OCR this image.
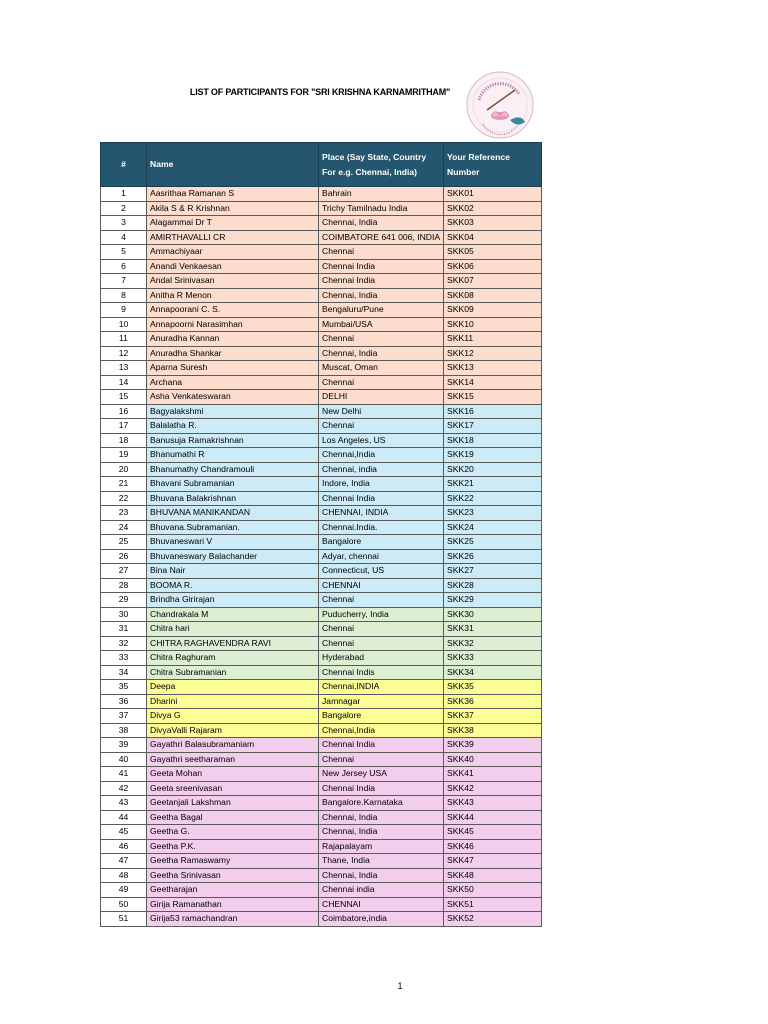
LIST OF PARTICIPANTS FOR "SRI KRISHNA KARNAMRITHAM"
#	Name	Place (Say State, Country For e.g. Chennai, India)	Your Reference Number
1	Aasrithaa Ramanan S	Bahrain	SKK01
2	Akila S & R Krishnan	Trichy Tamilnadu India	SKK02
3	Alagammai Dr T	Chennai, India	SKK03
4	AMIRTHAVALLI CR	COIMBATORE 641 006, INDIA	SKK04
5	Ammachiyaar	Chennai	SKK05
6	Anandi Venkaesan	Chennai India	SKK06
7	Andal Srinivasan	Chennai India	SKK07
8	Anitha R Menon	Chennai, India	SKK08
9	Annapoorani C. S.	Bengaluru/Pune	SKK09
10	Annapoorni Narasimhan	Mumbai/USA	SKK10
11	Anuradha Kannan	Chennai	SKK11
12	Anuradha Shankar	Chennai, India	SKK12
13	Aparna Suresh	Muscat, Oman	SKK13
14	Archana	Chennai	SKK14
15	Asha Venkateswaran	DELHI	SKK15
16	Bagyalakshmi	New Delhi	SKK16
17	Balalatha R.	Chennai	SKK17
18	Banusuja Ramakrishnan	Los Angeles, US	SKK18
19	Bhanumathi R	Chennai,India	SKK19
20	Bhanumathy Chandramouli	Chennai, india	SKK20
21	Bhavani Subramanian	Indore, India	SKK21
22	Bhuvana Balakrishnan	Chennai India	SKK22
23	BHUVANA MANIKANDAN	CHENNAI, INDIA	SKK23
24	Bhuvana.Subramanian.	Chennai.India.	SKK24
25	Bhuvaneswari V	Bangalore	SKK25
26	Bhuvaneswary Balachander	Adyar, chennai	SKK26
27	Bina Nair	Connecticut, US	SKK27
28	BOOMA R.	CHENNAI	SKK28
29	Brindha Girirajan	Chennai	SKK29
30	Chandrakala M	Puducherry, India	SKK30
31	Chitra hari	Chennai	SKK31
32	CHITRA RAGHAVENDRA RAVI	Chennai	SKK32
33	Chitra Raghuram	Hyderabad	SKK33
34	Chitra Subramanian	Chennai Indis	SKK34
35	Deepa	Chennai,INDIA	SKK35
36	Dharini	Jamnagar	SKK36
37	Divya G	Bangalore	SKK37
38	DivyaValli Rajaram	Chennai,India	SKK38
39	Gayathri Balasubramaniam	Chennai India	SKK39
40	Gayathri seetharaman	Chennai	SKK40
41	Geeta Mohan	New Jersey USA	SKK41
42	Geeta sreenivasan	Chennai India	SKK42
43	Geetanjali Lakshman	Bangalore.Karnataka	SKK43
44	Geetha Bagal	Chennai, India	SKK44
45	Geetha G.	Chennai, India	SKK45
46	Geetha P.K.	Rajapalayam	SKK46
47	Geetha Ramaswamy	Thane, India	SKK47
48	Geetha Srinivasan	Chennai, India	SKK48
49	Geetharajan	Chennai india	SKK50
50	Girija Ramanathan	CHENNAI	SKK51
51	Girija53 ramachandran	Coimbatore,india	SKK52
1
